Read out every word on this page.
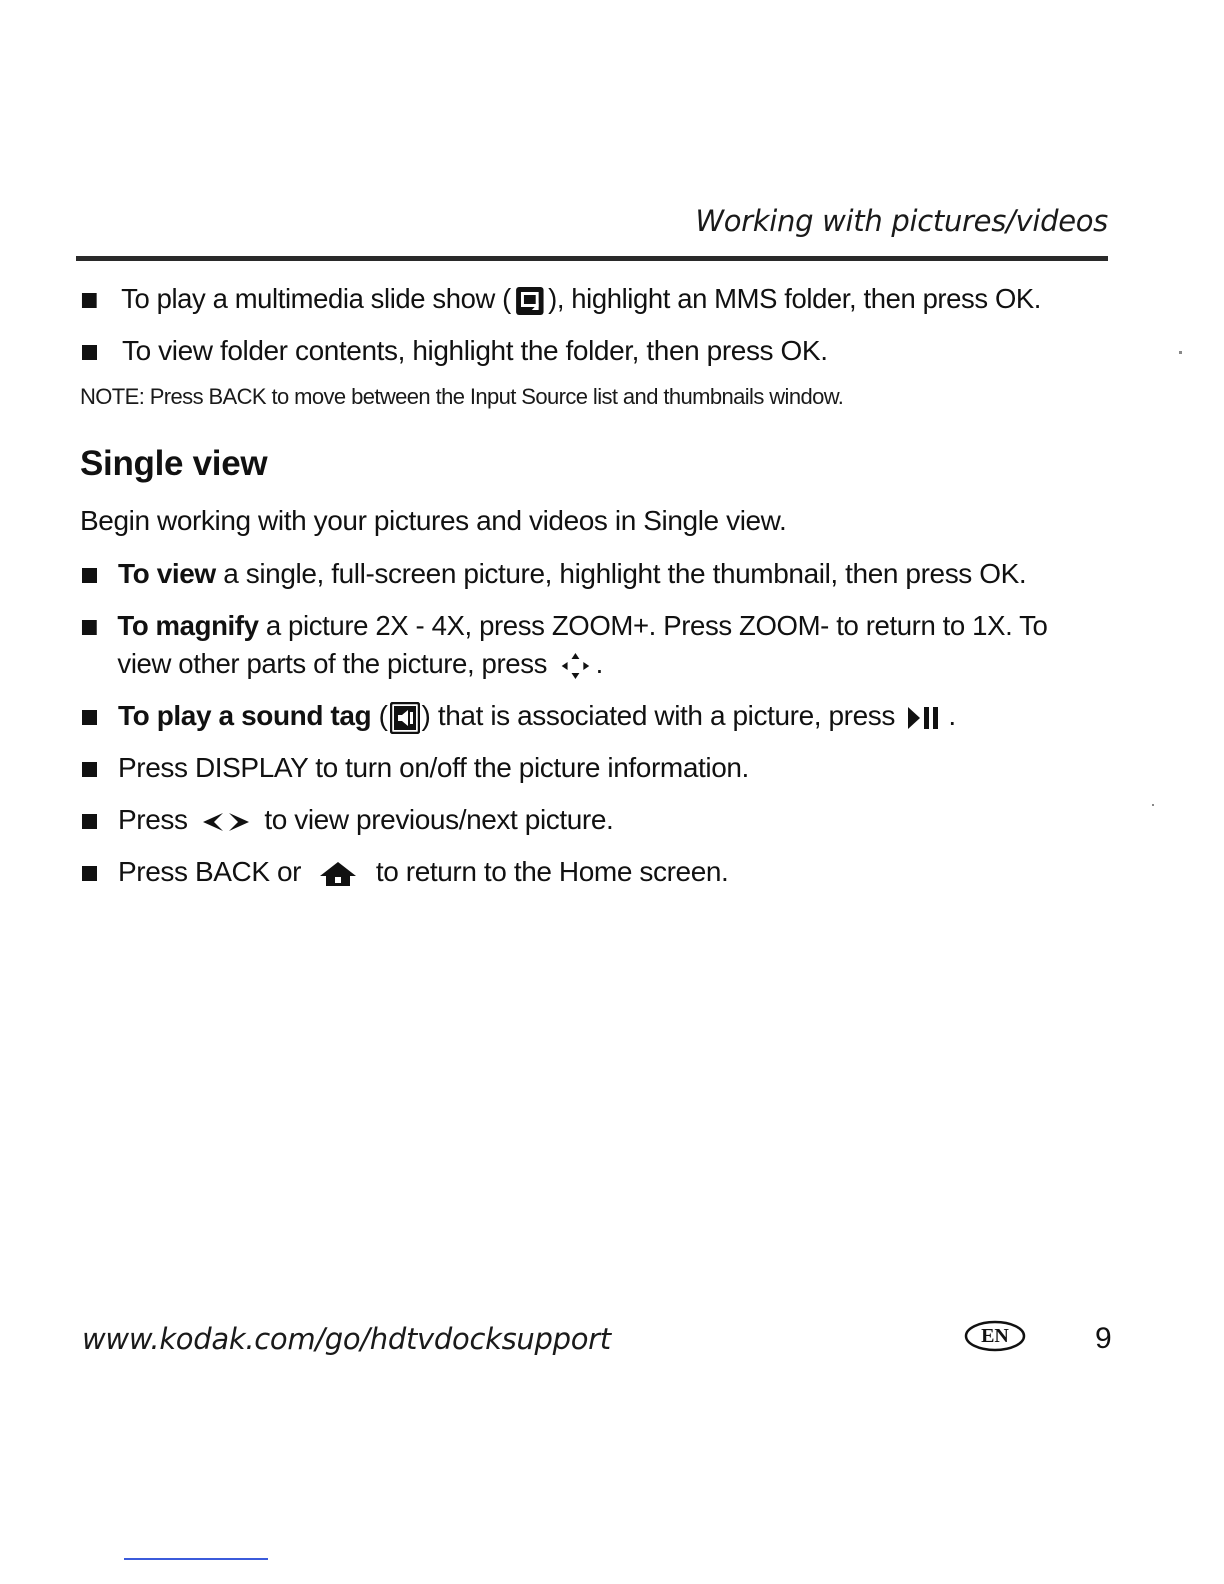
Working with pictures/videos
To play a multimedia slide show ( ), highlight an MMS folder, then press OK.
To view folder contents, highlight the folder, then press OK.
NOTE: Press BACK to move between the Input Source list and thumbnails window.
Single view
Begin working with your pictures and videos in Single view.
To view a single, full-screen picture, highlight the thumbnail, then press OK.
To magnify a picture 2X - 4X, press ZOOM+. Press ZOOM- to return to 1X. To view other parts of the picture, press
.
To play a sound tag ( ) that is associated with a picture, press
.
Press DISPLAY to turn on/off the picture information.
Press
to view previous/next picture.
Press BACK or
to return to the Home screen.
www.kodak.com/go/hdtvdocksupport	EN	9
